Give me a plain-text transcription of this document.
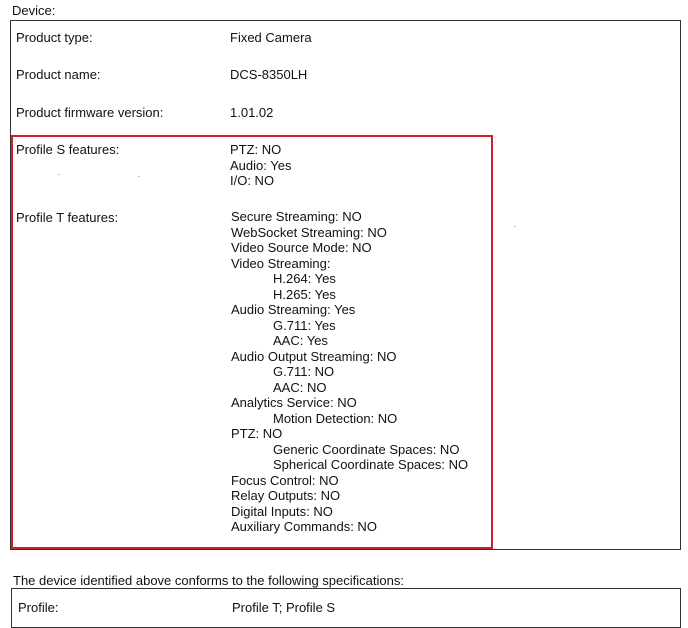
Device:
Product type:	Fixed Camera
Product name:	DCS-8350LH
Product firmware version:	1.01.02
Profile S features:	PTZ: NO
Audio: Yes
I/O: NO
Profile T features:	Secure Streaming: NO
WebSocket Streaming: NO
Video Source Mode: NO
Video Streaming:
H.264: Yes
H.265: Yes
Audio Streaming: Yes
G.711: Yes
AAC: Yes
Audio Output Streaming: NO
G.711: NO
AAC: NO
Analytics Service: NO
Motion Detection: NO
PTZ: NO
Generic Coordinate Spaces: NO
Spherical Coordinate Spaces: NO
Focus Control: NO
Relay Outputs: NO
Digital Inputs: NO
Auxiliary Commands: NO
The device identified above conforms to the following specifications:
Profile:	Profile T; Profile S
